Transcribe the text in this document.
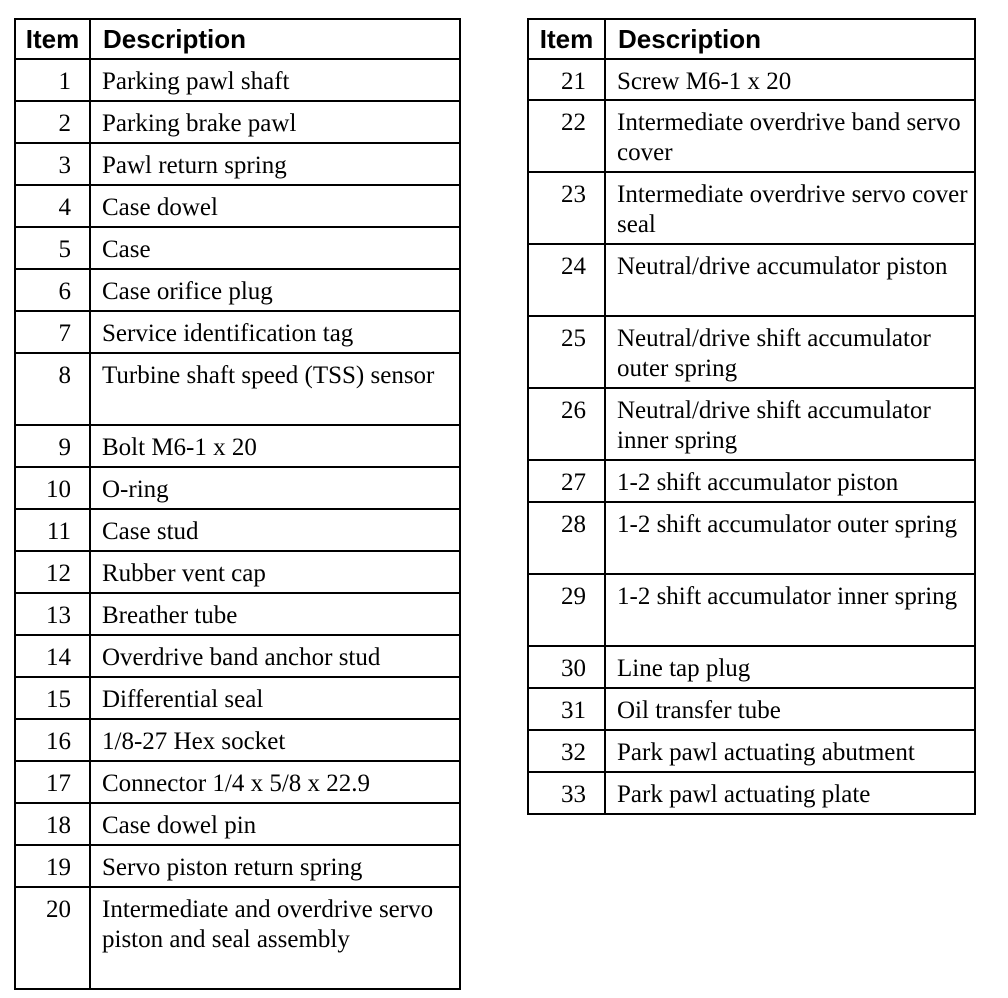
Item	Description
1	Parking pawl shaft
2	Parking brake pawl
3	Pawl return spring
4	Case dowel
5	Case
6	Case orifice plug
7	Service identification tag
8	Turbine shaft speed (TSS) sensor
9	Bolt M6-1 x 20
10	O-ring
11	Case stud
12	Rubber vent cap
13	Breather tube
14	Overdrive band anchor stud
15	Differential seal
16	1/8-27 Hex socket
17	Connector 1/4 x 5/8 x 22.9
18	Case dowel pin
19	Servo piston return spring
20	Intermediate and overdrive servo piston and seal assembly
Item	Description
21	Screw M6-1 x 20
22	Intermediate overdrive band servo cover
23	Intermediate overdrive servo cover seal
24	Neutral/drive accumulator piston
25	Neutral/drive shift accumulator outer spring
26	Neutral/drive shift accumulator inner spring
27	1-2 shift accumulator piston
28	1-2 shift accumulator outer spring
29	1-2 shift accumulator inner spring
30	Line tap plug
31	Oil transfer tube
32	Park pawl actuating abutment
33	Park pawl actuating plate
